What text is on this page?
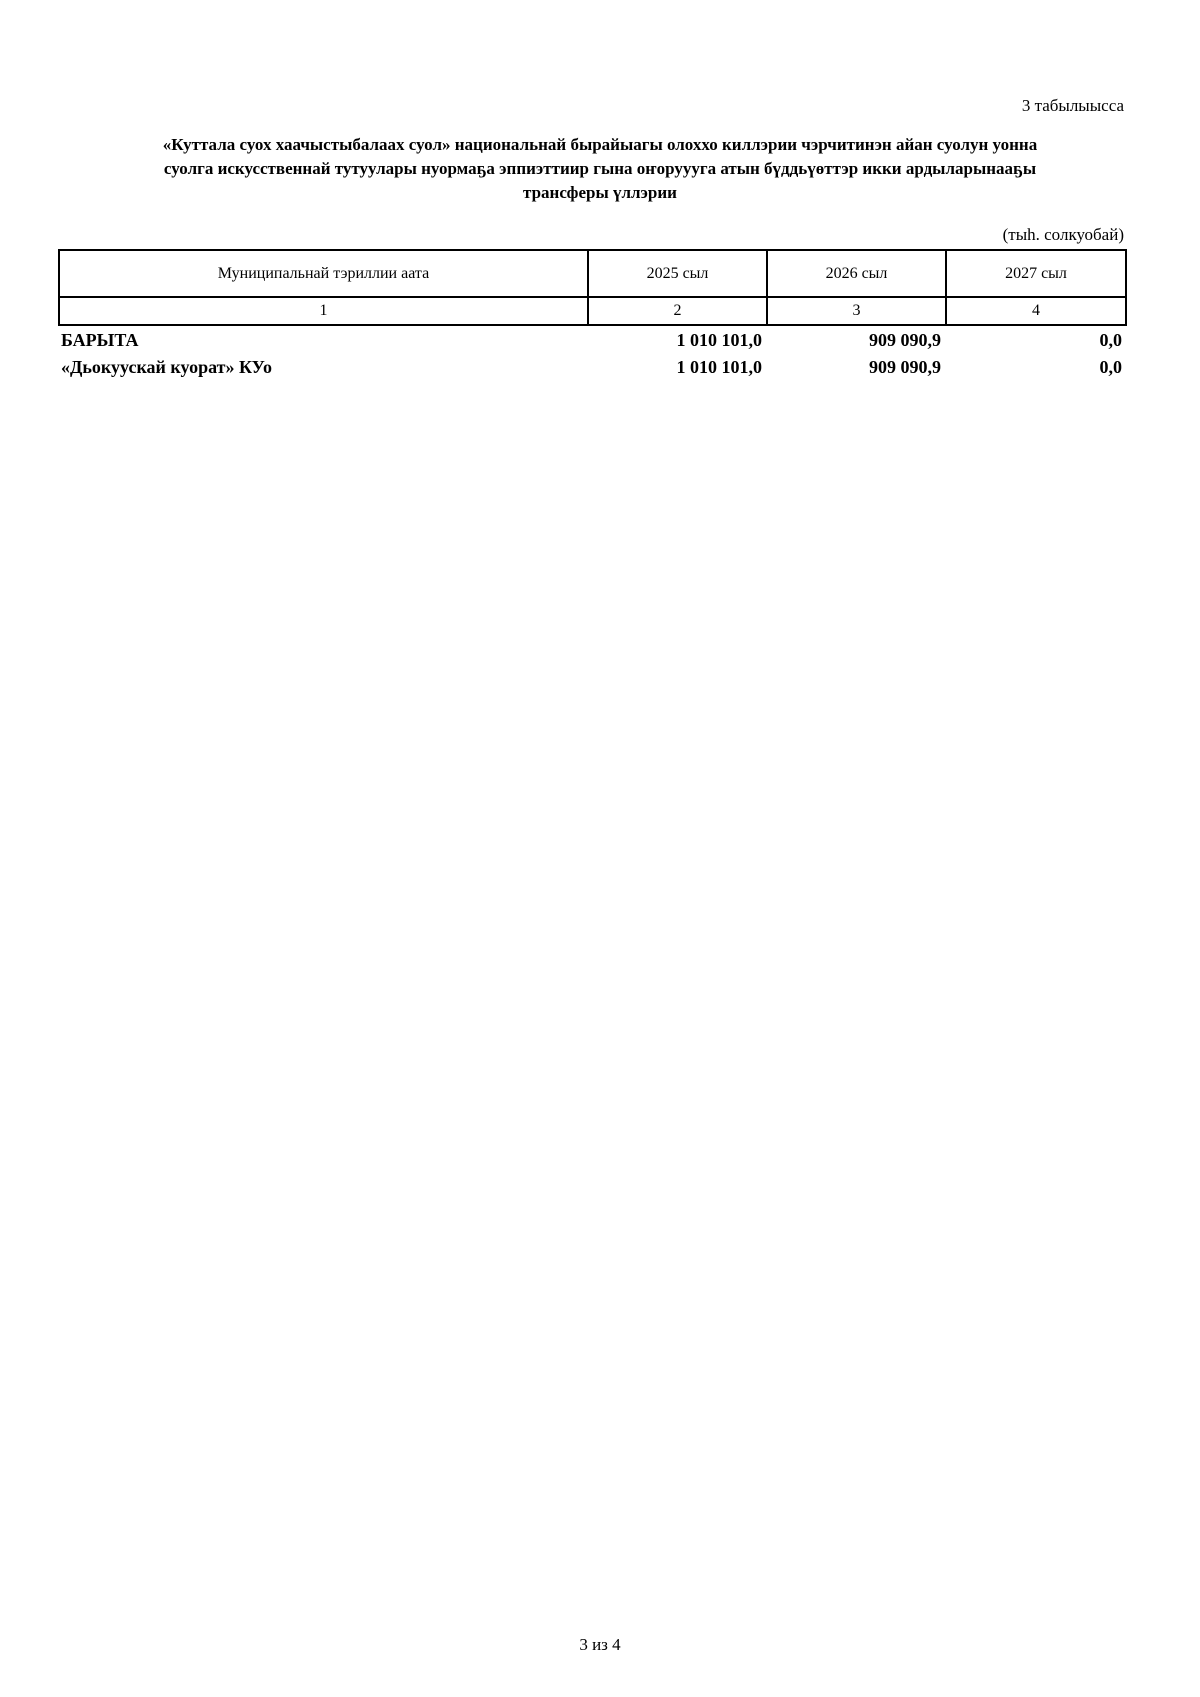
3 табылыысса
«Куттала суох хаачыстыбалаах суол» национальнай бырайыагы олоххо киллэрии чэрчитинэн айан суолун уонна
суолга искусственнай тутуулары нуормаҕа эппиэттиир гына оҥоруууга атын бүддьүөттэр икки ардыларынааҕы
трансферы үллэрии
(тыһ. солкуобай)
Муниципальнай тэриллии аата	2025 сыл	2026 сыл	2027 сыл
1	2	3	4
БАРЫТА	1 010 101,0	909 090,9	0,0
«Дьокуускай куорат» КУо	1 010 101,0	909 090,9	0,0
3 из 4
